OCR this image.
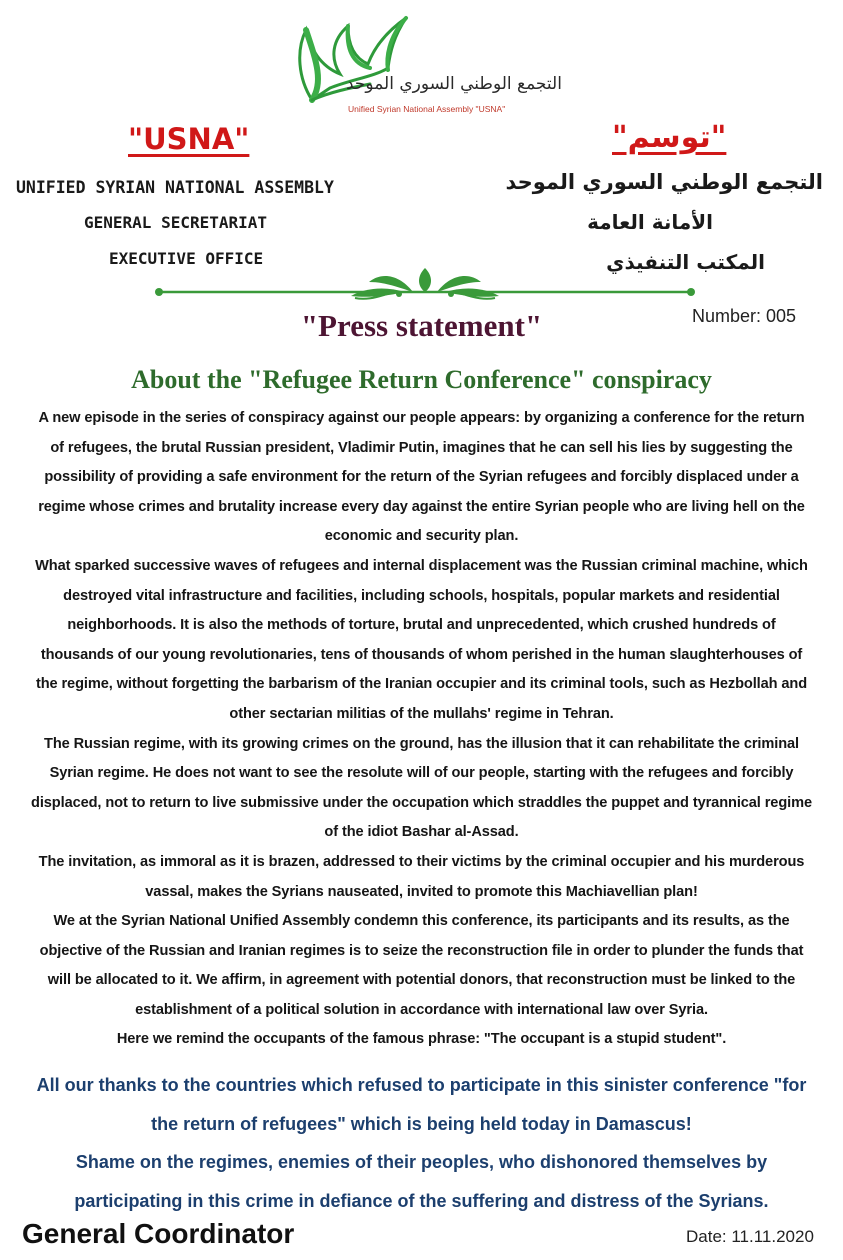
التجمع الوطني السوري الموحد
Unified Syrian National Assembly "USNA"
"USNA"	"توسم"
UNIFIED SYRIAN NATIONAL ASSEMBLY
GENERAL SECRETARIAT
EXECUTIVE OFFICE
التجمع الوطني السوري الموحد
الأمانة العامة
المكتب التنفيذي
Number: 005
"Press statement"
About the "Refugee Return Conference" conspiracy

A new episode in the series of conspiracy against our people appears: by organizing a conference for the return of refugees, the brutal Russian president, Vladimir Putin, imagines that he can sell his lies by suggesting the possibility of providing a safe environment for the return of the Syrian refugees and forcibly displaced under a regime whose crimes and brutality increase every day against the entire Syrian people who are living hell on the economic and security plan.

What sparked successive waves of refugees and internal displacement was the Russian criminal machine, which destroyed vital infrastructure and facilities, including schools, hospitals, popular markets and residential neighborhoods. It is also the methods of torture, brutal and unprecedented, which crushed hundreds of thousands of our young revolutionaries, tens of thousands of whom perished in the human slaughterhouses of the regime, without forgetting the barbarism of the Iranian occupier and its criminal tools, such as Hezbollah and other sectarian militias of the mullahs' regime in Tehran.

The Russian regime, with its growing crimes on the ground, has the illusion that it can rehabilitate the criminal Syrian regime. He does not want to see the resolute will of our people, starting with the refugees and forcibly displaced, not to return to live submissive under the occupation which straddles the puppet and tyrannical regime of the idiot Bashar al-Assad.

The invitation, as immoral as it is brazen, addressed to their victims by the criminal occupier and his murderous vassal, makes the Syrians nauseated, invited to promote this Machiavellian plan!

We at the Syrian National Unified Assembly condemn this conference, its participants and its results, as the objective of the Russian and Iranian regimes is to seize the reconstruction file in order to plunder the funds that will be allocated to it. We affirm, in agreement with potential donors, that reconstruction must be linked to the establishment of a political solution in accordance with international law over Syria.

Here we remind the occupants of the famous phrase: "The occupant is a stupid student".

All our thanks to the countries which refused to participate in this sinister conference "for the return of refugees" which is being held today in Damascus!

Shame on the regimes, enemies of their peoples, who dishonored themselves by participating in this crime in defiance of the suffering and distress of the Syrians.

General Coordinator	Date: 11.11.2020
